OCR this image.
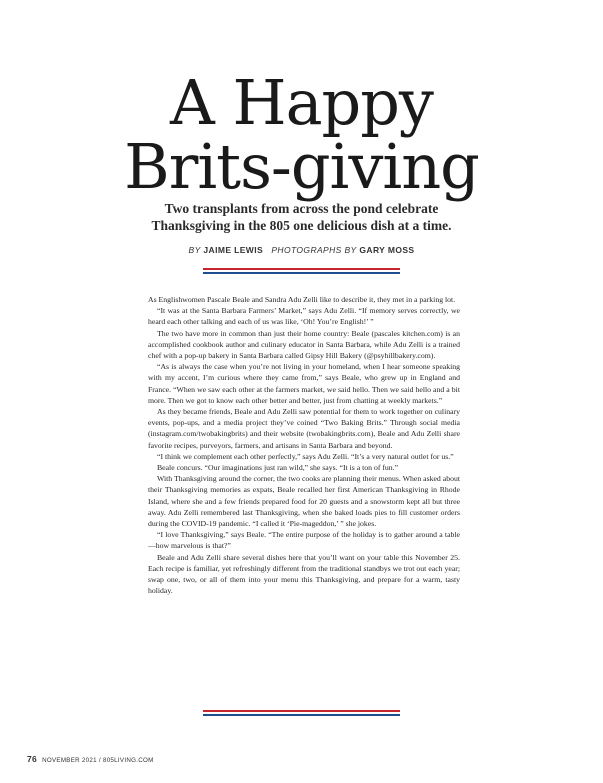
A Happy
Brits-giving
Two transplants from across the pond celebrate
Thanksgiving in the 805 one delicious dish at a time.
BY JAIME LEWIS PHOTOGRAPHS BY GARY MOSS

As Englishwomen Pascale Beale and Sandra Adu Zelli like to describe it, they met in a parking lot.

“It was at the Santa Barbara Farmers’ Market,” says Adu Zelli. “If memory serves correctly, we heard each other talking and each of us was like, ‘Oh! You’re English!’ ”

The two have more in common than just their home country: Beale (pascales kitchen.com) is an accomplished cookbook author and culinary educator in Santa Barbara, while Adu Zelli is a trained chef with a pop-up bakery in Santa Barbara called Gipsy Hill Bakery (@psyhillbakery.com).

“As is always the case when you’re not living in your homeland, when I hear someone speaking with my accent, I’m curious where they came from,” says Beale, who grew up in England and France. “When we saw each other at the farmers market, we said hello. Then we said hello and a bit more. Then we got to know each other better and better, just from chatting at weekly markets.”

As they became friends, Beale and Adu Zelli saw potential for them to work together on culinary events, pop-ups, and a media project they’ve coined “Two Baking Brits.” Through social media (instagram.com/twobakingbrits) and their website (twobakingbrits.com), Beale and Adu Zelli share favorite recipes, purveyors, farmers, and artisans in Santa Barbara and beyond.

“I think we complement each other perfectly,” says Adu Zelli. “It’s a very natural outlet for us.”

Beale concurs. “Our imaginations just ran wild,” she says. “It is a ton of fun.”

With Thanksgiving around the corner, the two cooks are planning their menus. When asked about their Thanksgiving memories as expats, Beale recalled her first American Thanksgiving in Rhode Island, where she and a few friends prepared food for 20 guests and a snowstorm kept all but three away. Adu Zelli remembered last Thanksgiving, when she baked loads pies to fill customer orders during the COVID-19 pandemic. “I called it ‘Pie-mageddon,’ ” she jokes.

“I love Thanksgiving,” says Beale. “The entire purpose of the holiday is to gather around a table—how marvelous is that?”

Beale and Adu Zelli share several dishes here that you’ll want on your table this November 25. Each recipe is familiar, yet refreshingly different from the traditional standbys we trot out each year; swap one, two, or all of them into your menu this Thanksgiving, and prepare for a warm, tasty holiday.

76 NOVEMBER 2021 / 805LIVING.COM
